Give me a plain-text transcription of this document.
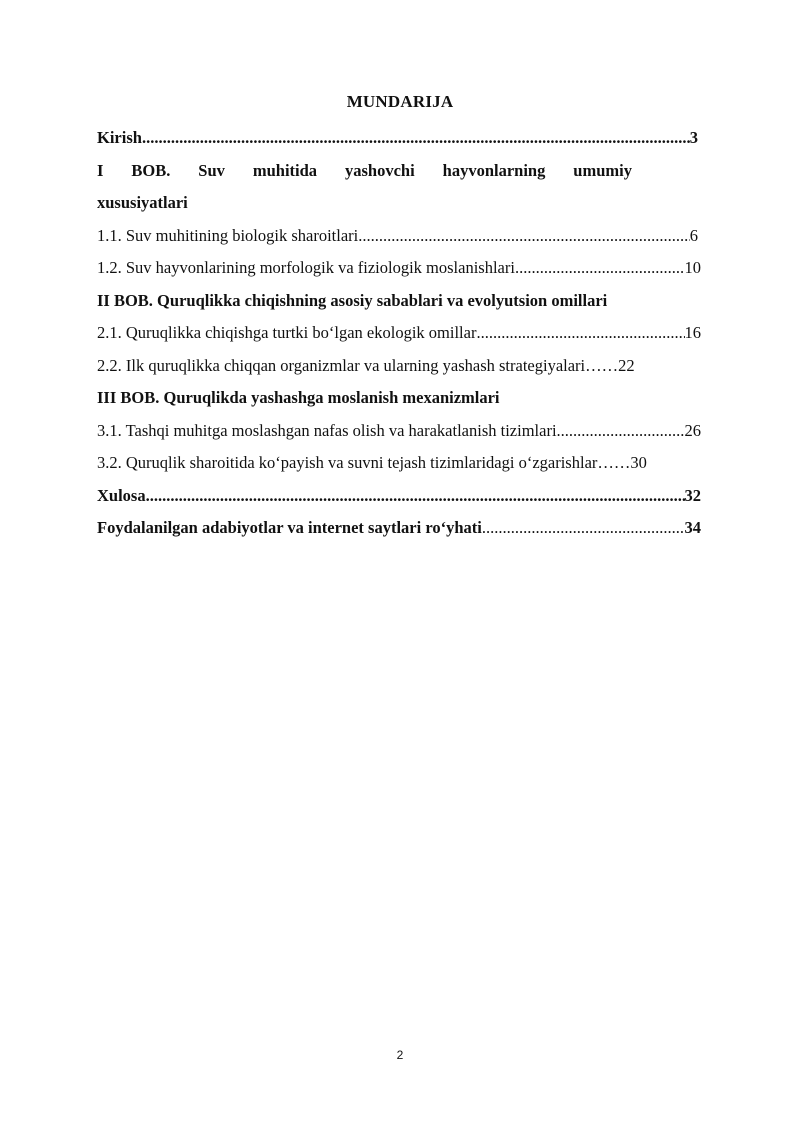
MUNDARIJA
Kirish	3
.....
I BOB. Suv muhitida yashovchi hayvonlarning umumiy
xususiyatlari
1.1. Suv muhitining biologik sharoitlari	6
.....
1.2. Suv hayvonlarining morfologik va fiziologik moslanishlari	10
.....
II BOB. Quruqlikka chiqishning asosiy sabablari va evolyutsion omillari
2.1. Quruqlikka chiqishga turtki bo‘lgan ekologik omillar	16
.....
2.2. Ilk quruqlikka chiqqan organizmlar va ularning yashash strategiyalari …… 22
III BOB. Quruqlikda yashashga moslanish mexanizmlari
3.1. Tashqi muhitga moslashgan nafas olish va harakatlanish tizimlari	26
.....
3.2. Quruqlik sharoitida ko‘payish va suvni tejash tizimlaridagi o‘zgarishlar …… 30
Xulosa	32
.....
Foydalanilgan adabiyotlar va internet saytlari ro‘yhati	34
.....
2
